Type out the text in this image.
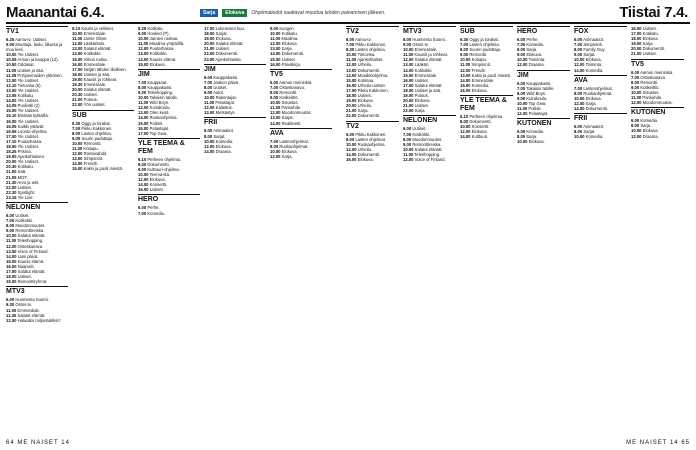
Maanantai 6.4.	Tiistai 7.4.
Sarja	Elokuva	Ohjelmatiedot saattavat muuttua lehden painamisen jälkeen.
TV1
6.25 Aamu-tv. Uutiset.
9.00 Muuttaja, laulu, liikunta ja muu kieli.
10.00 Yle Uutiset.
10.05 Arman ja kauppa (12).
10.50 Oddasat.
11.00 Uutiset ja sää.
11.05 Pohjoismaiden ykkönen.
12.00 Yle Uutiset.
12.10 Tietovisa (6).
13.00 Yle Uutiset.
13.05 Kotikatu.
14.00 Yle Uutiset.
14.05 Puoliväli (2).
15.00 Yle Uutiset.
15.10 Elämää kyläsillä.
16.00 Yle Uutiset.
16.05 Kaikki ystävät.
16.55 Luonto-ohjelma.
17.00 Yle Uutiset.
17.10 Puutarhassa.
18.00 Yle Uutiset.
18.25 Prisma.
19.00 Ajankohtainen.
20.00 Yle Uutiset.
20.30 Kotikatu.
21.00 Sää.
21.05 MOT.
21.30 Arvo ja arki.
22.00 Uutiset.
22.30 Spotlight.
23.15 Yle Live.
NELONEN
6.00 Uutiset.
7.00 Kotikokki.
8.00 Muodonmuutos.
9.00 Remonttireiska.
10.00 Salatut elämät.
11.00 Teleshopping.
12.00 Ostoskanava.
13.00 Voice of Finland.
14.00 Uusi päivä.
15.00 Kaunis elämä.
16.00 Naapurit.
17.00 Salatut elämät.
18.00 Uutiset.
19.00 Remonttiryhmä.
MTV3
6.00 Huomenta Suomi.
9.30 Ostos-tv.
11.00 Emmerdale.
11.30 Salatut elämät.
12.00 Haluatko miljonääriksi?
9.10 Kauris ja velikset.
10.00 Emmerdale.
11.00 Jamie Oliver.
12.00 Lääkäritalo.
13.00 Salatut elämät.
14.00 Kotikokki.
15.00 Viikon ruoka.
16.00 Emmerdale.
17.00 Neljän tähden illallinen.
18.00 Uutiset ja sää.
19.00 Kauniit ja rohkeat.
19.30 Emmerdale.
20.00 Salatut elämät.
20.30 Uutiset.
21.00 Putous.
22.00 Yön uutiset.
SUB
6.30 Oggy ja torakat.
7.00 Pikku Kakkonen.
8.00 Lasten ohjelmia.
9.00 Suurin pudottaja.
10.00 Remontti.
11.00 Kotiapu.
12.00 Rantavahdit.
13.00 Simpsonit.
14.00 Frendit.
15.00 Kaksi ja puoli miestä.
8.25 Kotikatu.
9.00 Hooked (P).
10.00 Jamien ruokaa.
11.00 Maailma ympärillä.
12.00 Puutarhassa.
13.00 Kotikokki.
14.00 Kaunis elämä.
15.00 Elokuva.
JIM
7.00 Kauppiaat.
8.00 Kauppakassi.
9.00 Teleshopping.
10.00 Takaisin talolle.
11.00 Wild Boys.
12.00 Koirakoulu.
13.00 Olen kesä.
14.00 Ruokaohjelma.
15.00 Poliisit.
16.00 Pelastajat.
17.00 Top Gear.
YLE TEEMA & FEM
6.10 Perheen ohjelmia.
8.00 Dokumentti.
9.00 Kulttuuri-ohjelma.
10.00 Teema-ilta.
12.00 Elokuva.
14.00 Konsertti.
16.00 Uutiset.
HERO
6.00 Perhe.
7.00 Komedia.
17.00 Lukemisen kuu.
18.00 Sarjat.
19.00 Elokuva.
20.00 Salatut elämät.
21.00 Uutiset.
22.00 Dokumentti.
23.00 Ajankohtaista.
JIM
6.00 Kauppakassi.
7.00 Jaakon päivä.
8.00 Uutiset.
9.00 Autot.
10.00 Rakentajat.
11.00 Pelastajat.
12.00 Kalastus.
13.00 Metsästys.
FRII
6.00 Animaatiot.
8.00 Sarjat.
10.00 Komedia.
12.00 Elokuva.
14.00 Draama.
9.00 Kungen.
10.00 Kotikatu.
11.00 Maailma.
12.00 Elokuva.
13.00 Sarja.
14.00 Dokumentti.
15.00 Uutiset.
16.00 Päiväkirja.
TV5
6.00 Aamun meininkiä.
7.00 Ostoskanava.
8.00 Remontti.
9.00 Kotikeittiö.
10.00 Sisustus.
11.00 Parisuhde.
12.00 Muodonmuutos.
13.00 Sarjat.
14.00 Realiteetti.
AVA
7.00 Lastenohjelmat.
8.00 Ruokaohjelmat.
10.00 Elokuva.
12.00 Sarja.
TV2
6.00 Aamu-tv.
7.00 Pikku Kakkonen.
8.30 Lasten ohjelmia.
10.00 Tietovisa.
11.00 Ajankohtaiset.
12.00 Urheilu.
13.00 Dokumentti.
14.00 Musiikkiohjelma.
15.00 Kotimaa.
16.00 Urheilu-uutiset.
17.00 Pikku Kakkonen.
18.00 Uutiset.
19.00 Elokuva.
20.00 Urheilu.
21.00 Sarja.
22.00 Dokumentti.
TV2
6.00 Pikku Kakkonen.
8.00 Lasten ohjelmat.
10.00 Ruokaohjelma.
12.00 Urheilu.
14.00 Dokumentti.
16.00 Elokuva.
MTV3
6.00 Huomenta Suomi.
9.00 Ostos-tv.
10.00 Emmerdale.
11.00 Kauniit ja rohkeat.
12.00 Salatut elämät.
13.00 Lääkäri.
14.00 Kotikokki.
15.00 Emmerdale.
16.00 Uutiset.
17.00 Salatut elämät.
18.00 Uutiset ja sää.
19.00 Putous.
20.00 Elokuva.
21.00 Uutiset.
22.00 Sarja.
NELONEN
6.00 Uutiset.
7.00 Kotikokki.
8.00 Muodonmuutos.
9.00 Remonttireiska.
10.00 Salatut elämät.
11.00 Teleshopping.
12.00 Voice of Finland.
SUB
6.30 Oggy ja torakat.
7.00 Lasten ohjelmia.
8.00 Suurin pudottaja.
9.00 Remontti.
10.00 Kotiapu.
11.00 Simpsonit.
12.00 Frendit.
13.00 Kaksi ja puoli miestä.
14.00 Emmerdale.
15.00 Komedia.
16.00 Elokuva.
YLE TEEMA & FEM
6.10 Perheen ohjelmia.
8.00 Dokumentti.
10.00 Konsertti.
12.00 Elokuva.
14.00 Kulttuuri.
HERO
6.00 Perhe.
7.00 Komedia.
8.00 Sarja.
9.00 Elokuva.
10.00 Toiminta.
12.00 Draama.
JIM
6.00 Kauppakassi.
7.00 Takaisin talolle.
8.00 Wild Boys.
9.00 Koirakoulu.
10.00 Top Gear.
11.00 Poliisit.
12.00 Pelastajat.
KUTONEN
6.00 Komedia.
8.00 Sarja.
10.00 Elokuva.
FOX
6.00 Animaatiot.
7.00 Simpsonit.
8.00 Family Guy.
9.00 Sarjat.
10.00 Elokuva.
12.00 Toiminta.
14.00 Komedia.
AVA
7.00 Lastenohjelmat.
8.00 Ruokaohjelmat.
10.00 Elokuva.
12.00 Sarja.
14.00 Dokumentti.
FRII
6.00 Animaatiot.
8.00 Sarjat.
10.00 Komedia.
16.00 Uutiset.
17.00 Kotikatu.
18.00 Elokuva.
19.00 Sarja.
20.00 Dokumentti.
21.00 Uutiset.
TV5
6.00 Aamun meininkiä.
7.00 Ostoskanava.
8.00 Remontti.
9.00 Kotikeittiö.
10.00 Sisustus.
11.00 Parisuhde.
12.00 Muodonmuutos.
KUTONEN
6.00 Komedia.
8.00 Sarja.
10.00 Elokuva.
12.00 Draama.
64 ME NAISET 14	ME NAISET 14 65
